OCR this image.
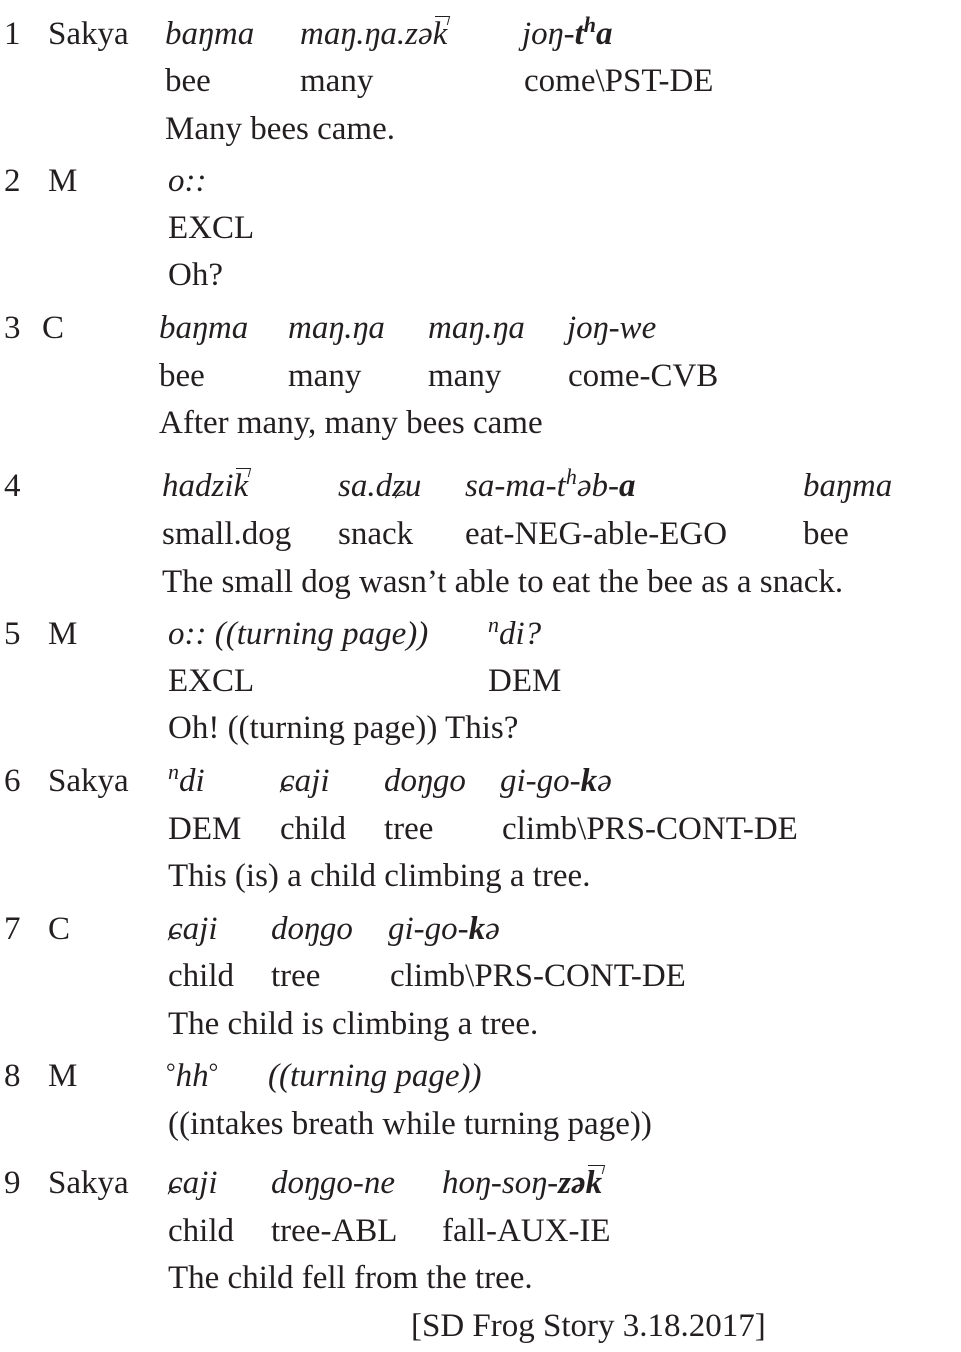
1 Sakya baŋma maŋ.ŋa.zək joŋ-$t^ha$
bee	many	come\PST-DE
Many bees came.
2 M	o::
EXCL
Oh?
3 C	baŋma maŋ.ŋa maŋ.ŋa joŋ-we
bee	many many come-CVB
After many, many bees came
4	hadzik	sa.dʑu $sa-ma-t^həb-a$	baŋma
small.dog snack eat-NEG-able-EGO bee
The small dog wasn’t able to eat the bee as a snack.
5 M	o:: ((turning page))	$^n$di?
EXCL	DEM
Oh! ((turning page)) This?
6 Sakya $^n$di ɕaji doŋgo gi-go-kə
DEM child tree climb\PRS-CONT-DE
This (is) a child climbing a tree.
7 C	ɕaji doŋgo gi-go-kə
child tree climb\PRS-CONT-DE
The child is climbing a tree.
8 M	°hh° ((turning page))
((intakes breath while turning page))
9 Sakya ɕaji doŋgo-ne hoŋ-soŋ-zək
child tree-ABL fall-AUX-IE
The child fell from the tree.
[SD Frog Story 3.18.2017]
